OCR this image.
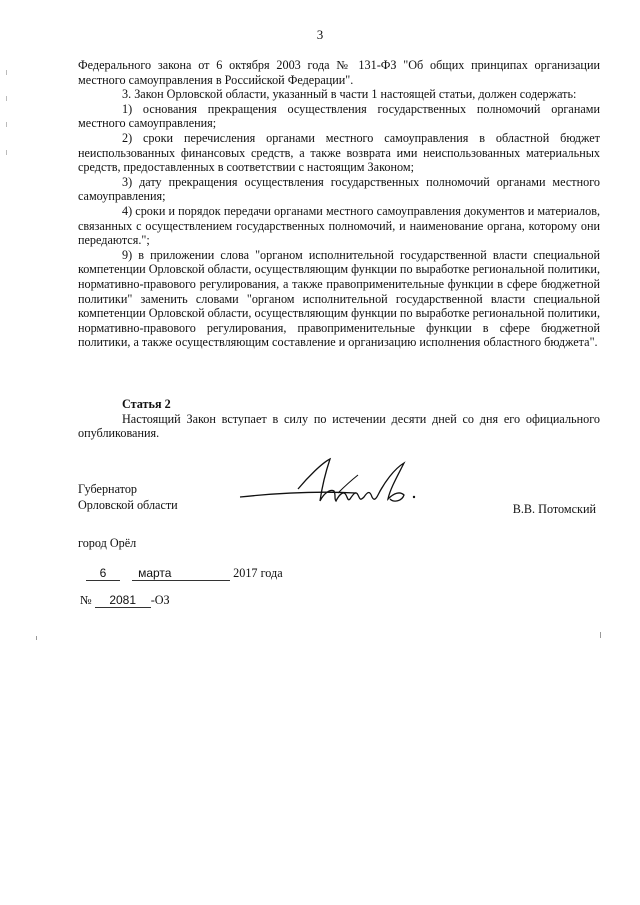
3

Федерального закона от 6 октября 2003 года № 131-ФЗ "Об общих принципах организации местного самоуправления в Российской Федерации".

3. Закон Орловской области, указанный в части 1 настоящей статьи, должен содержать:

1) основания прекращения осуществления государственных полномочий органами местного самоуправления;

2) сроки перечисления органами местного самоуправления в областной бюджет неиспользованных финансовых средств, а также возврата ими неиспользованных материальных средств, предоставленных в соответствии с настоящим Законом;

3) дату прекращения осуществления государственных полномочий органами местного самоуправления;

4) сроки и порядок передачи органами местного самоуправления документов и материалов, связанных с осуществлением государственных полномочий, и наименование органа, которому они передаются.";

9) в приложении слова "органом исполнительной государственной власти специальной компетенции Орловской области, осуществляющим функции по выработке региональной политики, нормативно-правового регулирования, а также правоприменительные функции в сфере бюджетной политики" заменить словами "органом исполнительной государственной власти специальной компетенции Орловской области, осуществляющим функции по выработке региональной политики, нормативно-правового регулирования, правоприменительные функции в сфере бюджетной политики, а также осуществляющим составление и организацию исполнения областного бюджета".

Статья 2

Настоящий Закон вступает в силу по истечении десяти дней со дня его официального опубликования.

Губернатор
Орловской области	В.В. Потомский
город Орёл
6	марта	2017 года
№ 2081 -ОЗ
